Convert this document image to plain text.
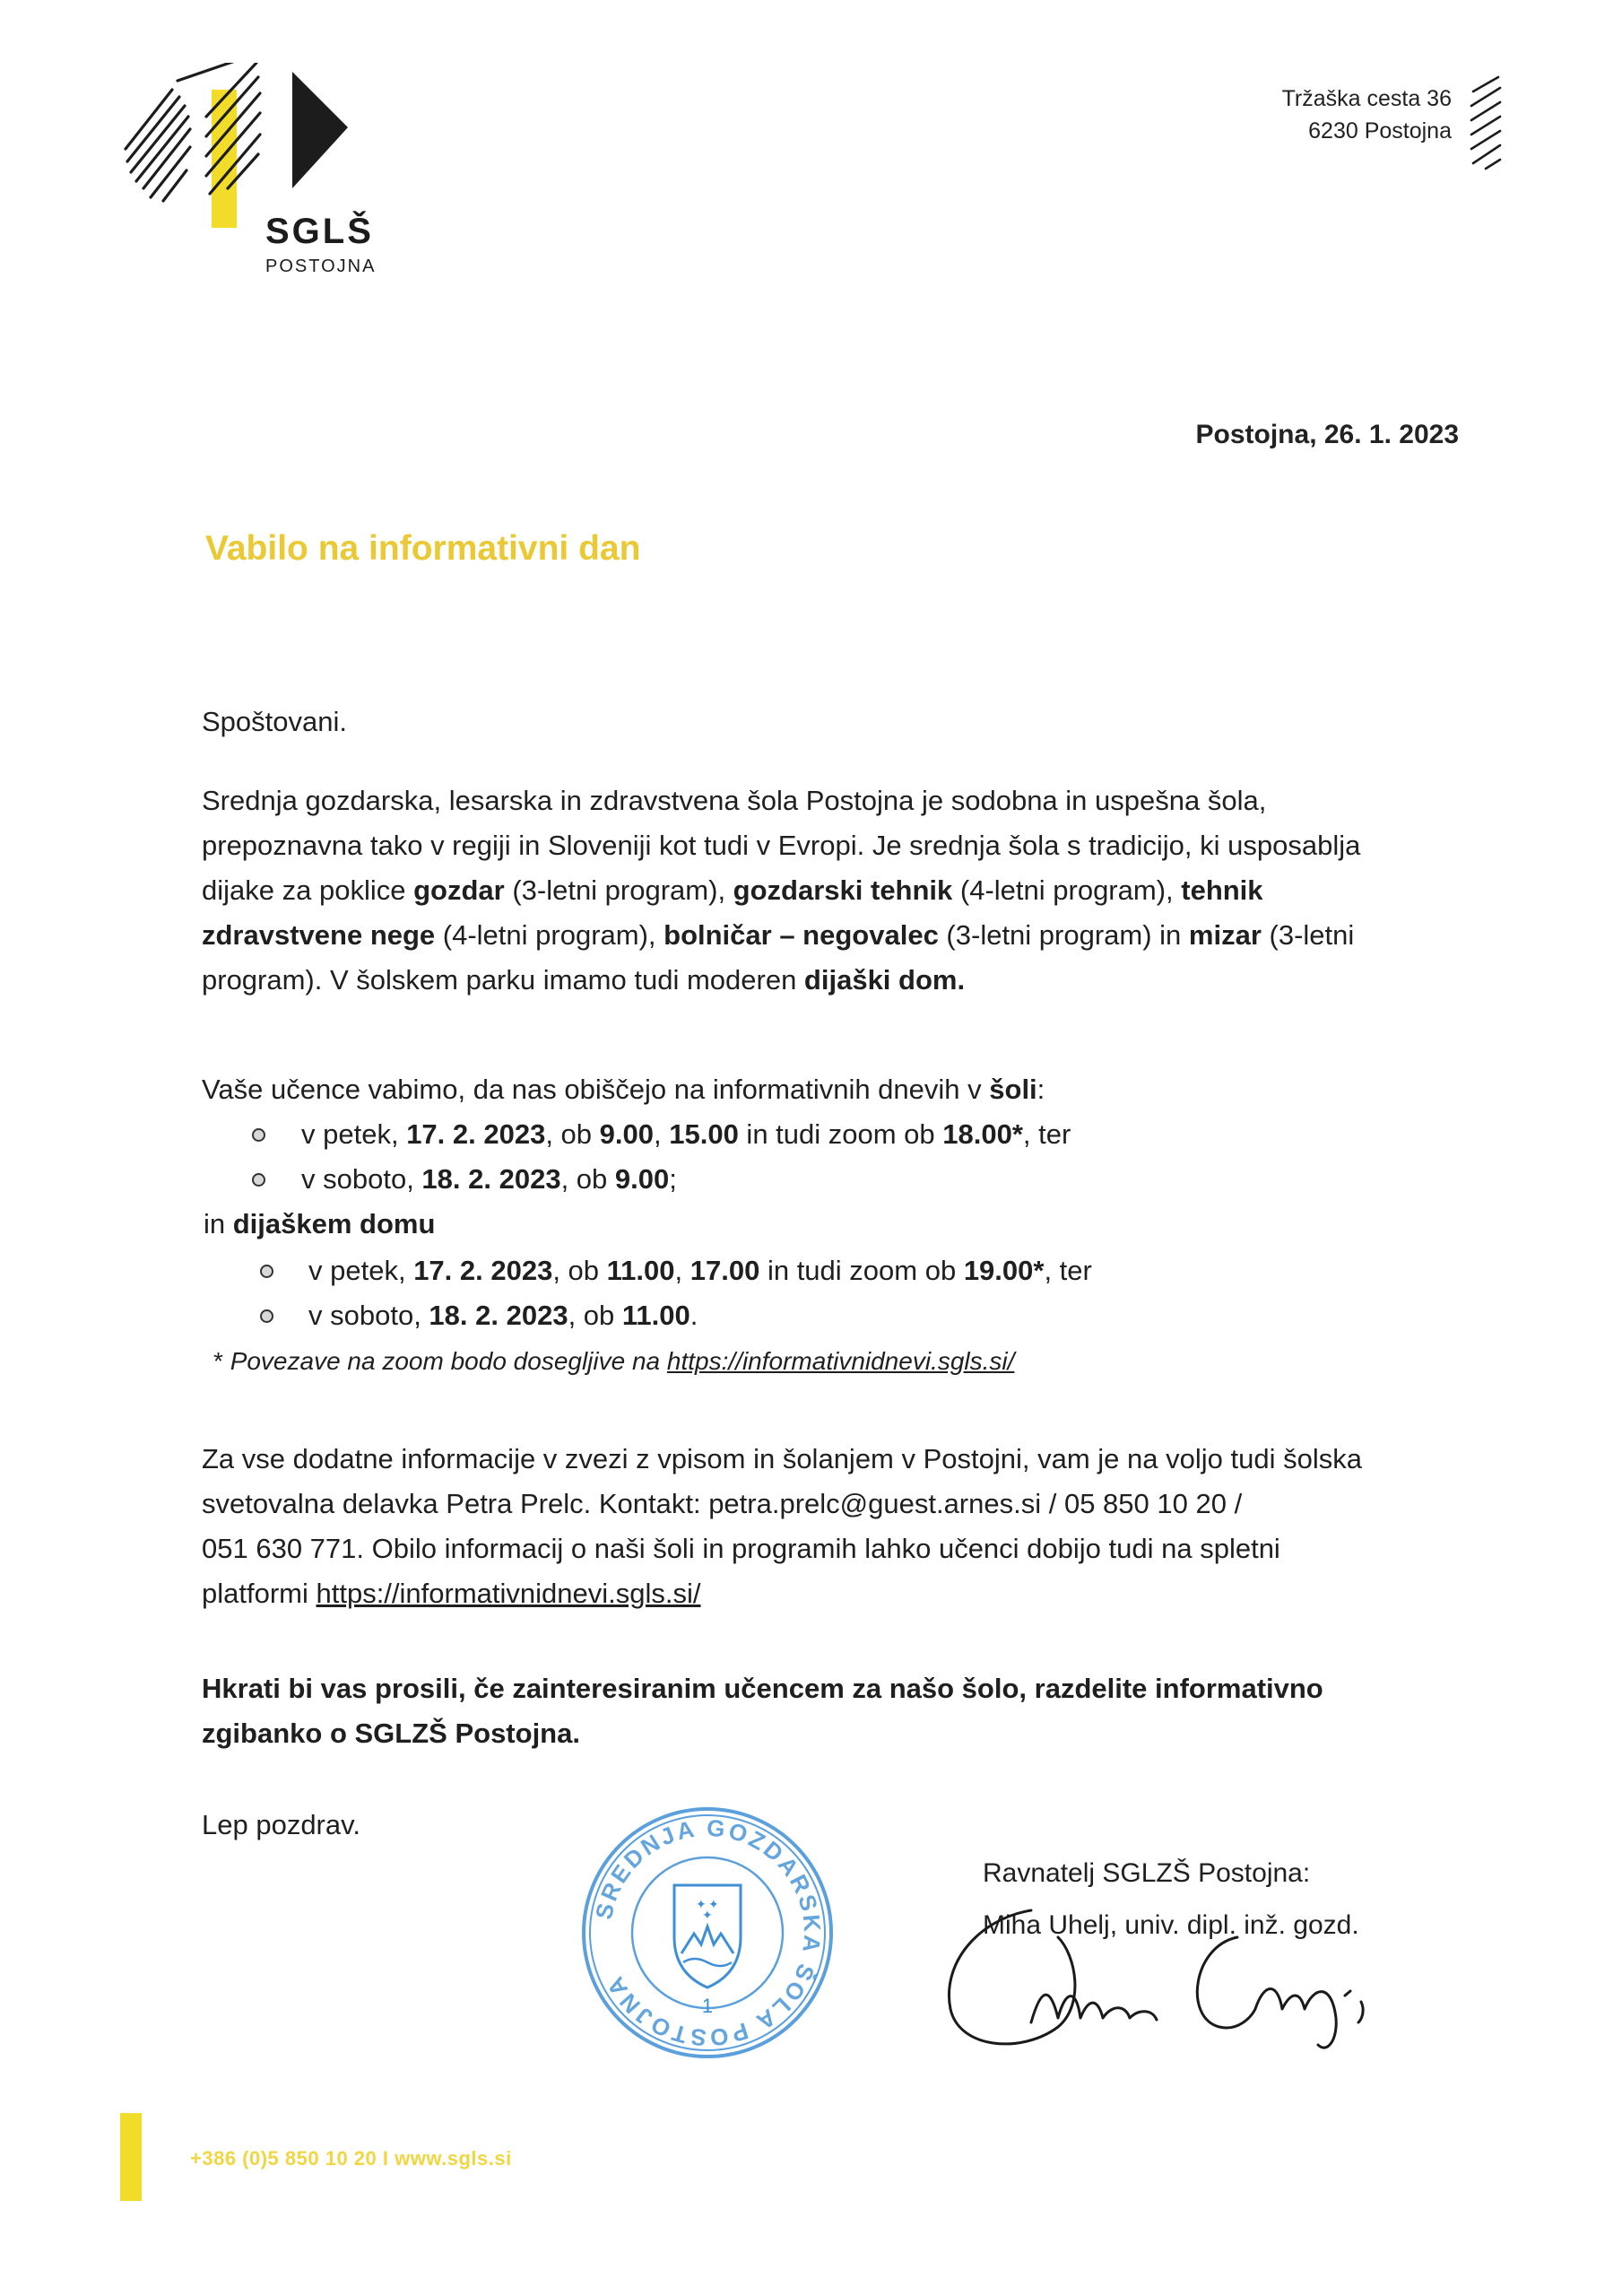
SGLŠ
POSTOJNA
Tržaška cesta 36
6230 Postojna
Postojna, 26. 1. 2023
Vabilo na informativni dan
Spoštovani.
Srednja gozdarska, lesarska in zdravstvena šola Postojna je sodobna in uspešna šola,
prepoznavna tako v regiji in Sloveniji kot tudi v Evropi. Je srednja šola s tradicijo, ki usposablja
dijake za poklice gozdar (3-letni program), gozdarski tehnik (4-letni program), tehnik
zdravstvene nege (4-letni program), bolničar – negovalec (3-letni program) in mizar (3-letni
program). V šolskem parku imamo tudi moderen dijaški dom.
Vaše učence vabimo, da nas obiščejo na informativnih dnevih v šoli:
v petek, 17. 2. 2023, ob 9.00, 15.00 in tudi zoom ob 18.00*, ter
v soboto, 18. 2. 2023, ob 9.00;
in dijaškem domu
v petek, 17. 2. 2023, ob 11.00, 17.00 in tudi zoom ob 19.00*, ter
v soboto, 18. 2. 2023, ob 11.00.
* Povezave na zoom bodo dosegljive na https://informativnidnevi.sgls.si/
Za vse dodatne informacije v zvezi z vpisom in šolanjem v Postojni, vam je na voljo tudi šolska
svetovalna delavka Petra Prelc. Kontakt: petra.prelc@guest.arnes.si / 05 850 10 20 /
051 630 771. Obilo informacij o naši šoli in programih lahko učenci dobijo tudi na spletni
platformi https://informativnidnevi.sgls.si/
Hkrati bi vas prosili, če zainteresiranim učencem za našo šolo, razdelite informativno
zgibanko o SGLZŠ Postojna.
Lep pozdrav.
SREDNJA GOZDARSKA ŠOLA POSTOJNA
✦ ✦
✦
1
Ravnatelj SGLZŠ Postojna:
Miha Uhelj, univ. dipl. inž. gozd.
+386 (0)5 850 10 20 I www.sgls.si
